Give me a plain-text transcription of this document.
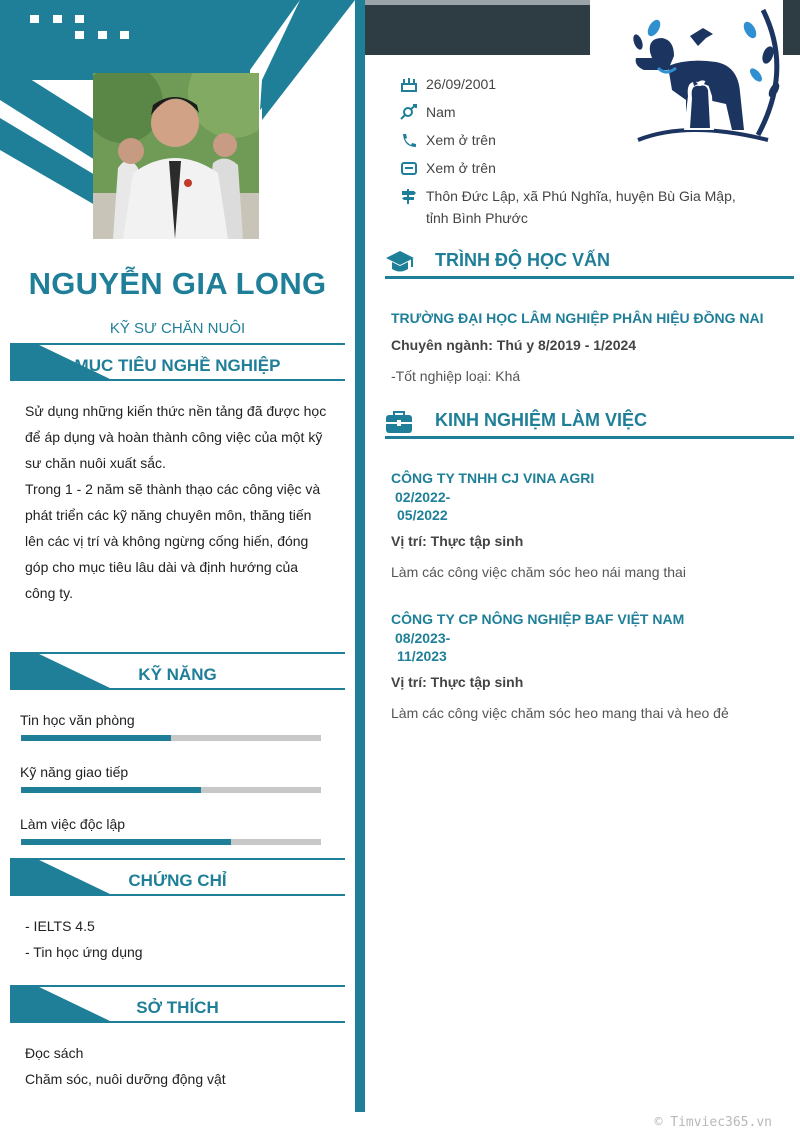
NGUYỄN GIA LONG
KỸ SƯ CHĂN NUÔI
MỤC TIÊU NGHỀ NGHIỆP
Sử dụng những kiến thức nền tảng đã được học
để áp dụng và hoàn thành công việc của một kỹ
sư chăn nuôi xuất sắc.
Trong 1 - 2 năm sẽ thành thạo các công việc và
phát triển các kỹ năng chuyên môn, thăng tiến
lên các vị trí và không ngừng cống hiến, đóng
góp cho mục tiêu lâu dài và định hướng của
công ty.
KỸ NĂNG
Tin học văn phòng
Kỹ năng giao tiếp
Làm việc độc lập
CHỨNG CHỈ
- IELTS 4.5
- Tin học ứng dụng
SỞ THÍCH
Đọc sách
Chăm sóc, nuôi dưỡng động vật
26/09/2001
Nam
Xem ở trên
Xem ở trên
Thôn Đức Lập, xã Phú Nghĩa, huyện Bù Gia Mập,
tỉnh Bình Phước
TRÌNH ĐỘ HỌC VẤN
TRƯỜNG ĐẠI HỌC LÂM NGHIỆP PHÂN HIỆU ĐỒNG NAI
Chuyên ngành: Thú y 8/2019 - 1/2024
-Tốt nghiệp loại: Khá
KINH NGHIỆM LÀM VIỆC
CÔNG TY TNHH CJ VINA AGRI
02/2022-
05/2022
Vị trí: Thực tập sinh
Làm các công việc chăm sóc heo nái mang thai
CÔNG TY CP NÔNG NGHIỆP BAF VIỆT NAM
08/2023-
11/2023
Vị trí: Thực tập sinh
Làm các công việc chăm sóc heo mang thai và heo đẻ
© Timviec365.vn
